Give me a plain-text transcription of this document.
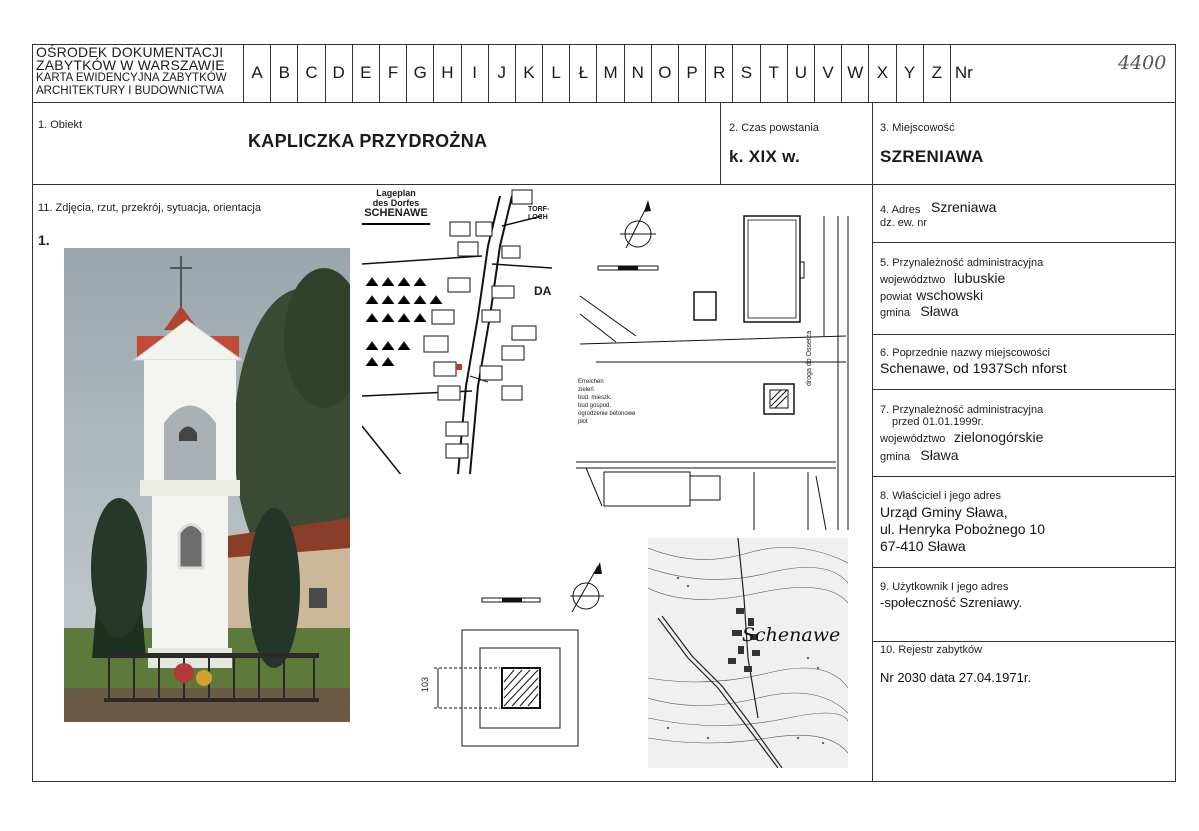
OŚRODEK DOKUMENTACJI
ZABYTKÓW W WARSZAWIE
KARTA EWIDENCYJNA ZABYTKÓW
ARCHITEKTURY I BUDOWNICTWA
A B C D E F G H	I	J	K L	Ł M N O P R S T U V W X Y Z Nr	4400
1. Obiekt
KAPLICZKA PRZYDROŻNA
2. Czas powstania
k. XIX w.
3. Miejscowość
SZRENIAWA
11. Zdjęcia, rzut, przekrój, sytuacja, orientacja
1.
Lageplan
des Dorfes
SCHENAWE
DA
TORF-
LOCH
Erreichen
zieleń
bud. mieszk.
bud gospod.
ogrodzenie betonowe
płot
droga do Ossetca
103
Schenawe
4. Adres Szreniawa
dz. ew. nr
5. Przynależność administracyjna
województwo lubuskie
powiat wschowski
gmina Sława
6. Poprzednie nazwy miejscowości
Schenawe, od 1937Sch nforst
7. Przynależność administracyjna
przed 01.01.1999r.
województwo zielonogórskie
gmina Sława
8. Właściciel i jego adres
Urząd Gminy Sława,
ul. Henryka Pobożnego 10
67-410 Sława
9. Użytkownik I jego adres
-społeczność Szreniawy.
10. Rejestr zabytków
Nr 2030 data 27.04.1971r.
